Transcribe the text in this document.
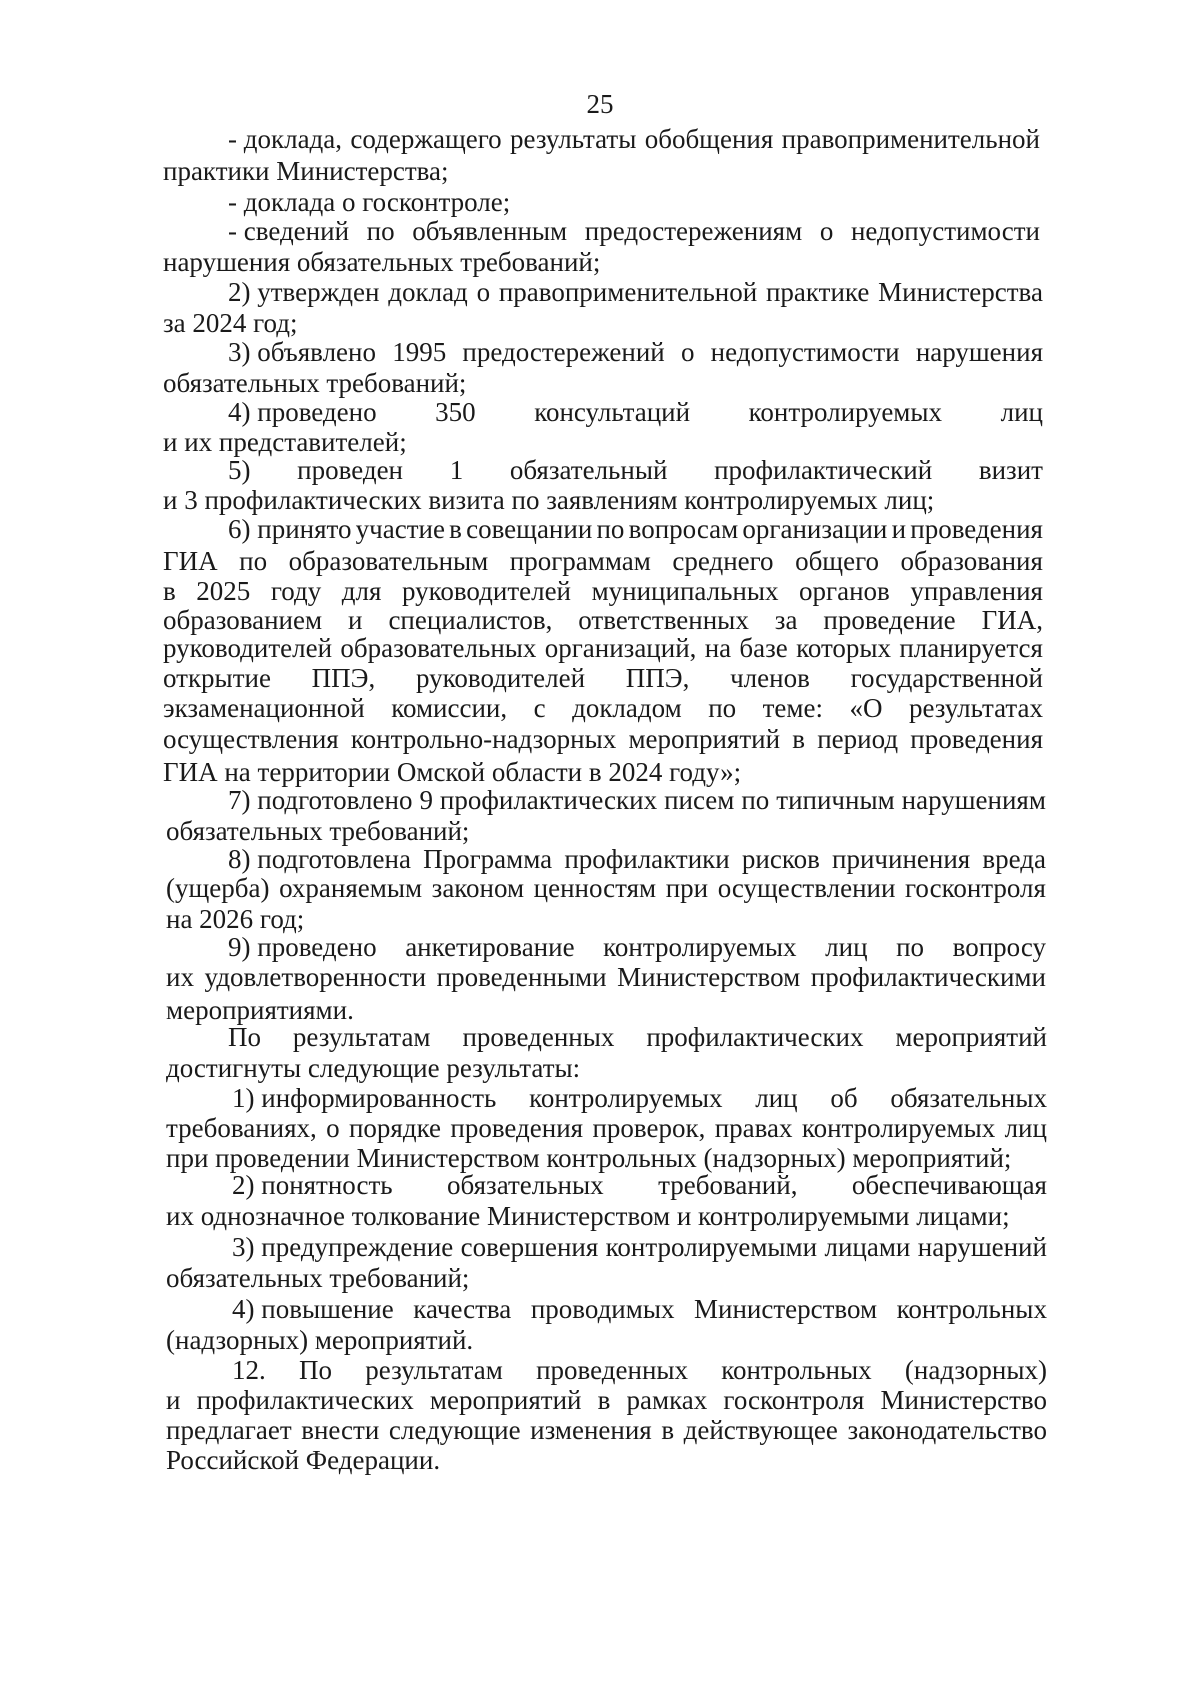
25
- доклада, содержащего результаты обобщения правоприменительной
практики Министерства;
- доклада о госконтроле;
- сведений по объявленным предостережениям о недопустимости
нарушения обязательных требований;
2) утвержден доклад о правоприменительной практике Министерства
за 2024 год;
3) объявлено 1995 предостережений о недопустимости нарушения
обязательных требований;
4) проведено 350 консультаций контролируемых лиц
и их представителей;
5) проведен 1 обязательный профилактический визит
и 3 профилактических визита по заявлениям контролируемых лиц;
6) принято участие в совещании по вопросам организации и проведения
ГИА по образовательным программам среднего общего образования
в 2025 году для руководителей муниципальных органов управления
образованием и специалистов, ответственных за проведение ГИА,
руководителей образовательных организаций, на базе которых планируется
открытие ППЭ, руководителей ППЭ, членов государственной
экзаменационной комиссии, с докладом по теме: «О результатах
осуществления контрольно-надзорных мероприятий в период проведения
ГИА на территории Омской области в 2024 году»;
7) подготовлено 9 профилактических писем по типичным нарушениям
обязательных требований;
8) подготовлена Программа профилактики рисков причинения вреда
(ущерба) охраняемым законом ценностям при осуществлении госконтроля
на 2026 год;
9) проведено анкетирование контролируемых лиц по вопросу
их удовлетворенности проведенными Министерством профилактическими
мероприятиями.
По результатам проведенных профилактических мероприятий
достигнуты следующие результаты:
1) информированность контролируемых лиц об обязательных
требованиях, о порядке проведения проверок, правах контролируемых лиц
при проведении Министерством контрольных (надзорных) мероприятий;
2) понятность обязательных требований, обеспечивающая
их однозначное толкование Министерством и контролируемыми лицами;
3) предупреждение совершения контролируемыми лицами нарушений
обязательных требований;
4) повышение качества проводимых Министерством контрольных
(надзорных) мероприятий.
12. По результатам проведенных контрольных (надзорных)
и профилактических мероприятий в рамках госконтроля Министерство
предлагает внести следующие изменения в действующее законодательство
Российской Федерации.
